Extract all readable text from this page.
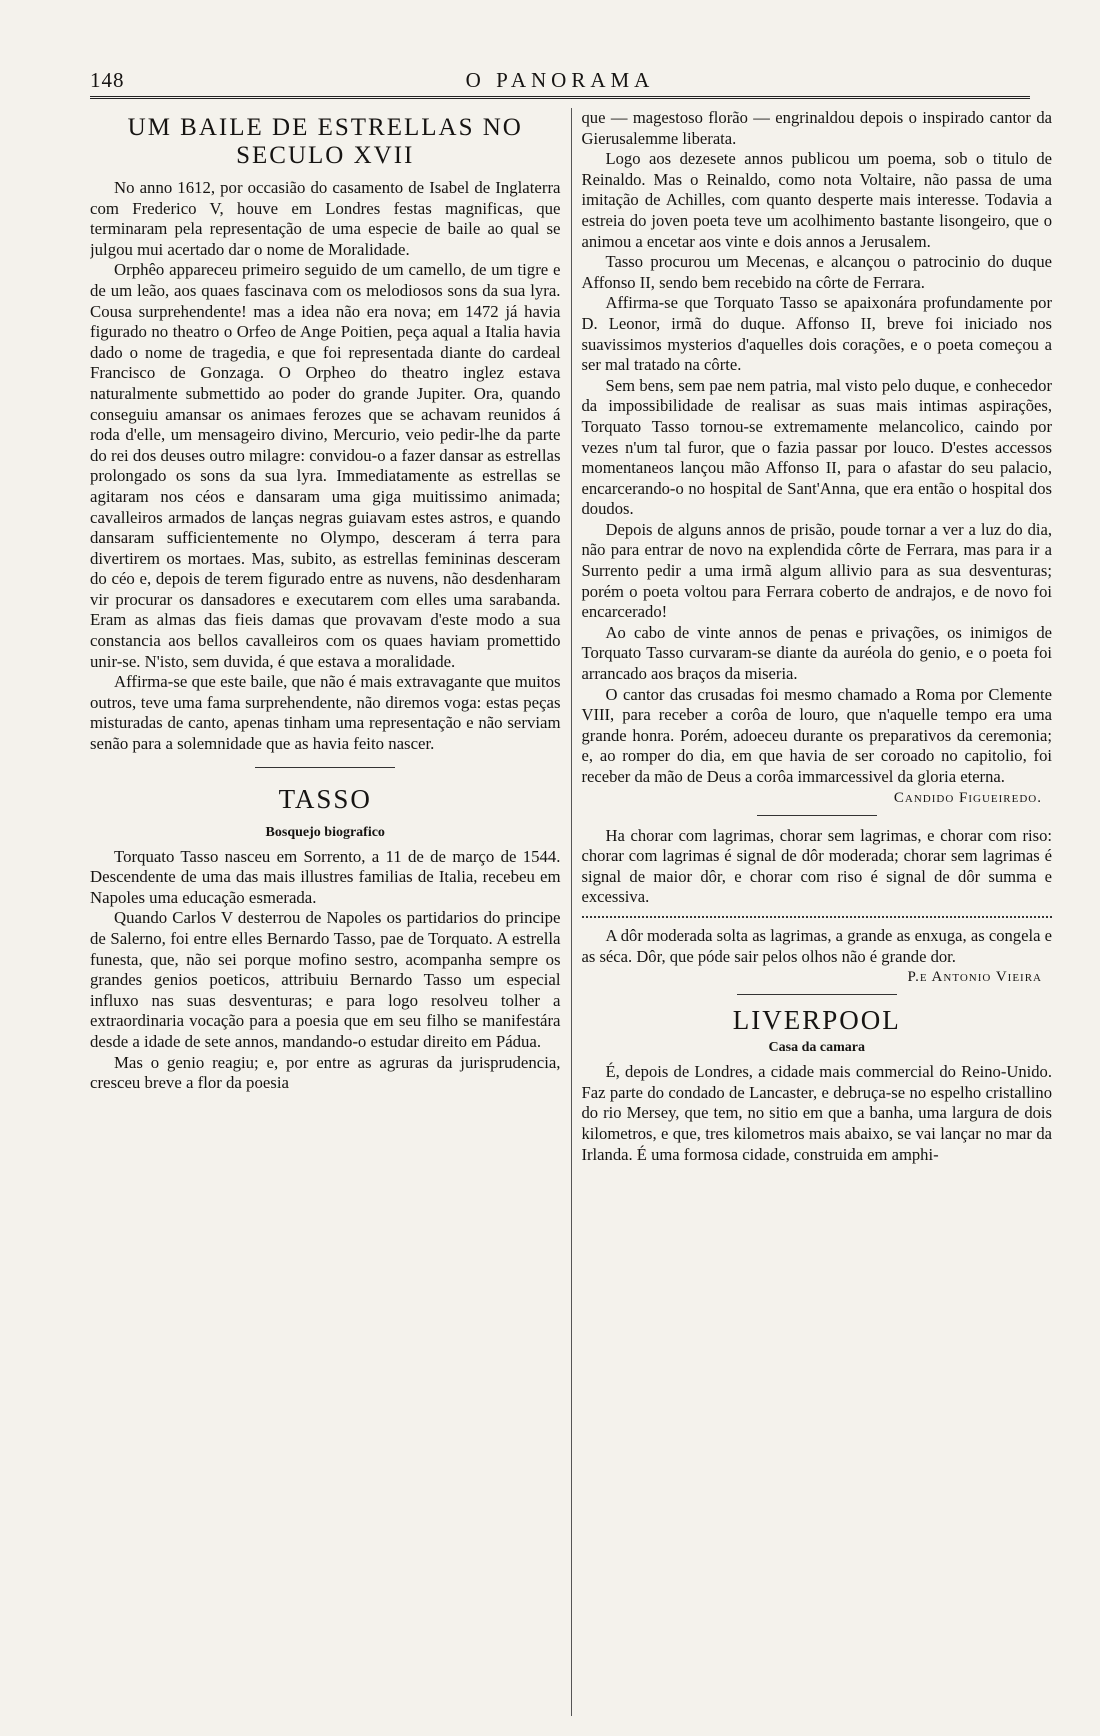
148	O PANORAMA
UM BAILE DE ESTRELLAS NO SECULO XVII

No anno 1612, por occasião do casamento de Isabel de Inglaterra com Frederico V, houve em Londres festas magnificas, que terminaram pela representação de uma especie de baile ao qual se julgou mui acertado dar o nome de Moralidade.

Orphêo appareceu primeiro seguido de um camello, de um tigre e de um leão, aos quaes fascinava com os melodiosos sons da sua lyra. Cousa surprehendente! mas a idea não era nova; em 1472 já havia figurado no theatro o Orfeo de Ange Poitien, peça aqual a Italia havia dado o nome de tragedia, e que foi representada diante do cardeal Francisco de Gonzaga. O Orpheo do theatro inglez estava naturalmente submettido ao poder do grande Jupiter. Ora, quando conseguiu amansar os animaes ferozes que se achavam reunidos á roda d'elle, um mensageiro divino, Mercurio, veio pedir-lhe da parte do rei dos deuses outro milagre: convidou-o a fazer dansar as estrellas prolongado os sons da sua lyra. Immediatamente as estrellas se agitaram nos céos e dansaram uma giga muitissimo animada; cavalleiros armados de lanças negras guiavam estes astros, e quando dansaram sufficientemente no Olympo, desceram á terra para divertirem os mortaes. Mas, subito, as estrellas femininas desceram do céo e, depois de terem figurado entre as nuvens, não desdenharam vir procurar os dansadores e executarem com elles uma sarabanda. Eram as almas das fieis damas que provavam d'este modo a sua constancia aos bellos cavalleiros com os quaes haviam promettido unir-se. N'isto, sem duvida, é que estava a moralidade.

Affirma-se que este baile, que não é mais extravagante que muitos outros, teve uma fama surprehendente, não diremos voga: estas peças misturadas de canto, apenas tinham uma representação e não serviam senão para a solemnidade que as havia feito nascer.

TASSO
Bosquejo biografico

Torquato Tasso nasceu em Sorrento, a 11 de de março de 1544. Descendente de uma das mais illustres familias de Italia, recebeu em Napoles uma educação esmerada.

Quando Carlos V desterrou de Napoles os partidarios do principe de Salerno, foi entre elles Bernardo Tasso, pae de Torquato. A estrella funesta, que, não sei porque mofino sestro, acompanha sempre os grandes genios poeticos, attribuiu Bernardo Tasso um especial influxo nas suas desventuras; e para logo resolveu tolher a extraordinaria vocação para a poesia que em seu filho se manifestára desde a idade de sete annos, mandando-o estudar direito em Pádua.

Mas o genio reagiu; e, por entre as agruras da jurisprudencia, cresceu breve a flor da poesia

que — magestoso florão — engrinaldou depois o inspirado cantor da Gierusalemme liberata.

Logo aos dezesete annos publicou um poema, sob o titulo de Reinaldo. Mas o Reinaldo, como nota Voltaire, não passa de uma imitação de Achilles, com quanto desperte mais interesse. Todavia a estreia do joven poeta teve um acolhimento bastante lisongeiro, que o animou a encetar aos vinte e dois annos a Jerusalem.

Tasso procurou um Mecenas, e alcançou o patrocinio do duque Affonso II, sendo bem recebido na côrte de Ferrara.

Affirma-se que Torquato Tasso se apaixonára profundamente por D. Leonor, irmã do duque. Affonso II, breve foi iniciado nos suavissimos mysterios d'aquelles dois corações, e o poeta começou a ser mal tratado na côrte.

Sem bens, sem pae nem patria, mal visto pelo duque, e conhecedor da impossibilidade de realisar as suas mais intimas aspirações, Torquato Tasso tornou-se extremamente melancolico, caindo por vezes n'um tal furor, que o fazia passar por louco. D'estes accessos momentaneos lançou mão Affonso II, para o afastar do seu palacio, encarcerando-o no hospital de Sant'Anna, que era então o hospital dos doudos.

Depois de alguns annos de prisão, poude tornar a ver a luz do dia, não para entrar de novo na explendida côrte de Ferrara, mas para ir a Surrento pedir a uma irmã algum allivio para as sua desventuras; porém o poeta voltou para Ferrara coberto de andrajos, e de novo foi encarcerado!

Ao cabo de vinte annos de penas e privações, os inimigos de Torquato Tasso curvaram-se diante da auréola do genio, e o poeta foi arrancado aos braços da miseria.

O cantor das crusadas foi mesmo chamado a Roma por Clemente VIII, para receber a corôa de louro, que n'aquelle tempo era uma grande honra. Porém, adoeceu durante os preparativos da ceremonia; e, ao romper do dia, em que havia de ser coroado no capitolio, foi receber da mão de Deus a corôa immarcessivel da gloria eterna.

Candido Figueiredo.

Ha chorar com lagrimas, chorar sem lagrimas, e chorar com riso: chorar com lagrimas é signal de dôr moderada; chorar sem lagrimas é signal de maior dôr, e chorar com riso é signal de dôr summa e excessiva.

A dôr moderada solta as lagrimas, a grande as enxuga, as congela e as séca. Dôr, que póde sair pelos olhos não é grande dor.

P.e Antonio Vieira
LIVERPOOL
Casa da camara

É, depois de Londres, a cidade mais commercial do Reino-Unido. Faz parte do condado de Lancaster, e debruça-se no espelho cristallino do rio Mersey, que tem, no sitio em que a banha, uma largura de dois kilometros, e que, tres kilometros mais abaixo, se vai lançar no mar da Irlanda. É uma formosa cidade, construida em amphi-
